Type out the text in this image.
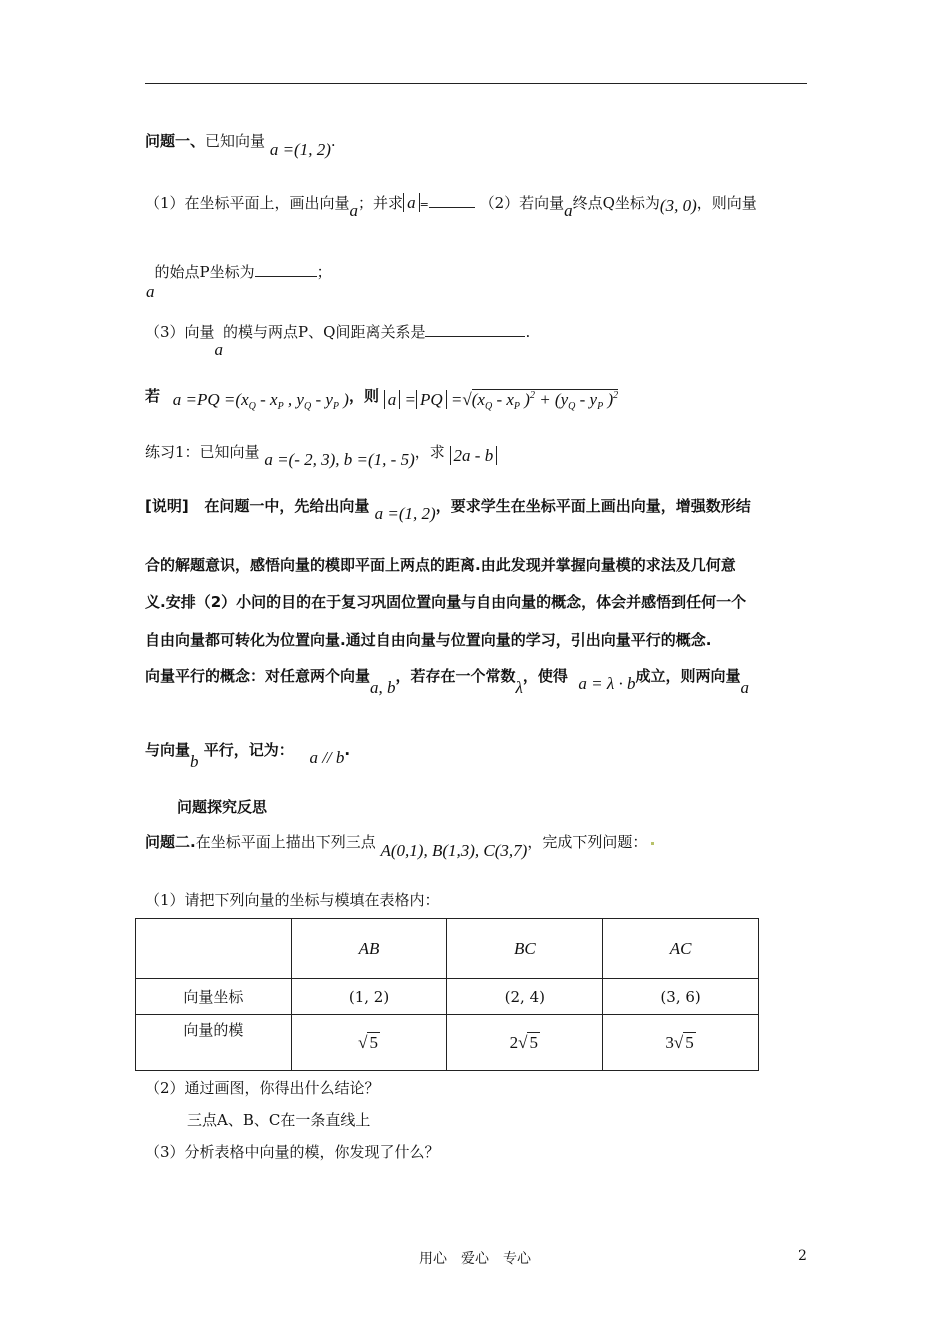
问题一、已知向量 a =(1, 2).
（1）在坐标平面上，画出向量a；并求 a =	（2）若向量a终点Q坐标为(3, 0)，则向量
a的始点P坐标为	；
（3）向量a的模与两点P、Q间距离关系是	.
若 $a =PQ =(x_Q - x_P$ , $y_Q - y_P$ )，则 a = PQ $=√(x_Q - x_P$ )$^2 + (y_Q - y_P$ )$^2$
练习1：已知向量 a =(- 2, 3), b =(1, - 5)，求 2a - b
[说明] 在问题一中，先给出向量 a =(1, 2)，要求学生在坐标平面上画出向量，增强数形结
合的解题意识，感悟向量的模即平面上两点的距离.由此发现并掌握向量模的求法及几何意
义.安排（2）小问的目的在于复习巩固位置向量与自由向量的概念，体会并感悟到任何一个
自由向量都可转化为位置向量.通过自由向量与位置向量的学习，引出向量平行的概念.
向量平行的概念：对任意两个向量a, b，若存在一个常数λ，使得 a = λ · b成立，则两向量a
与向量b 平行，记为： a // b.
问题探究反思
问题二.在坐标平面上描出下列三点 A(0,1), B(1,3), C(3,7)，完成下列问题：
（1）请把下列向量的坐标与模填在表格内：
	AB	BC	AC
向量坐标	(1, 2)	(2, 4)	(3, 6)
向量的模	√ 5	2√ 5	3√ 5
（2）通过画图，你得出什么结论？
三点A、B、C在一条直线上
（3）分析表格中向量的模，你发现了什么？
用心　爱心　专心	2
